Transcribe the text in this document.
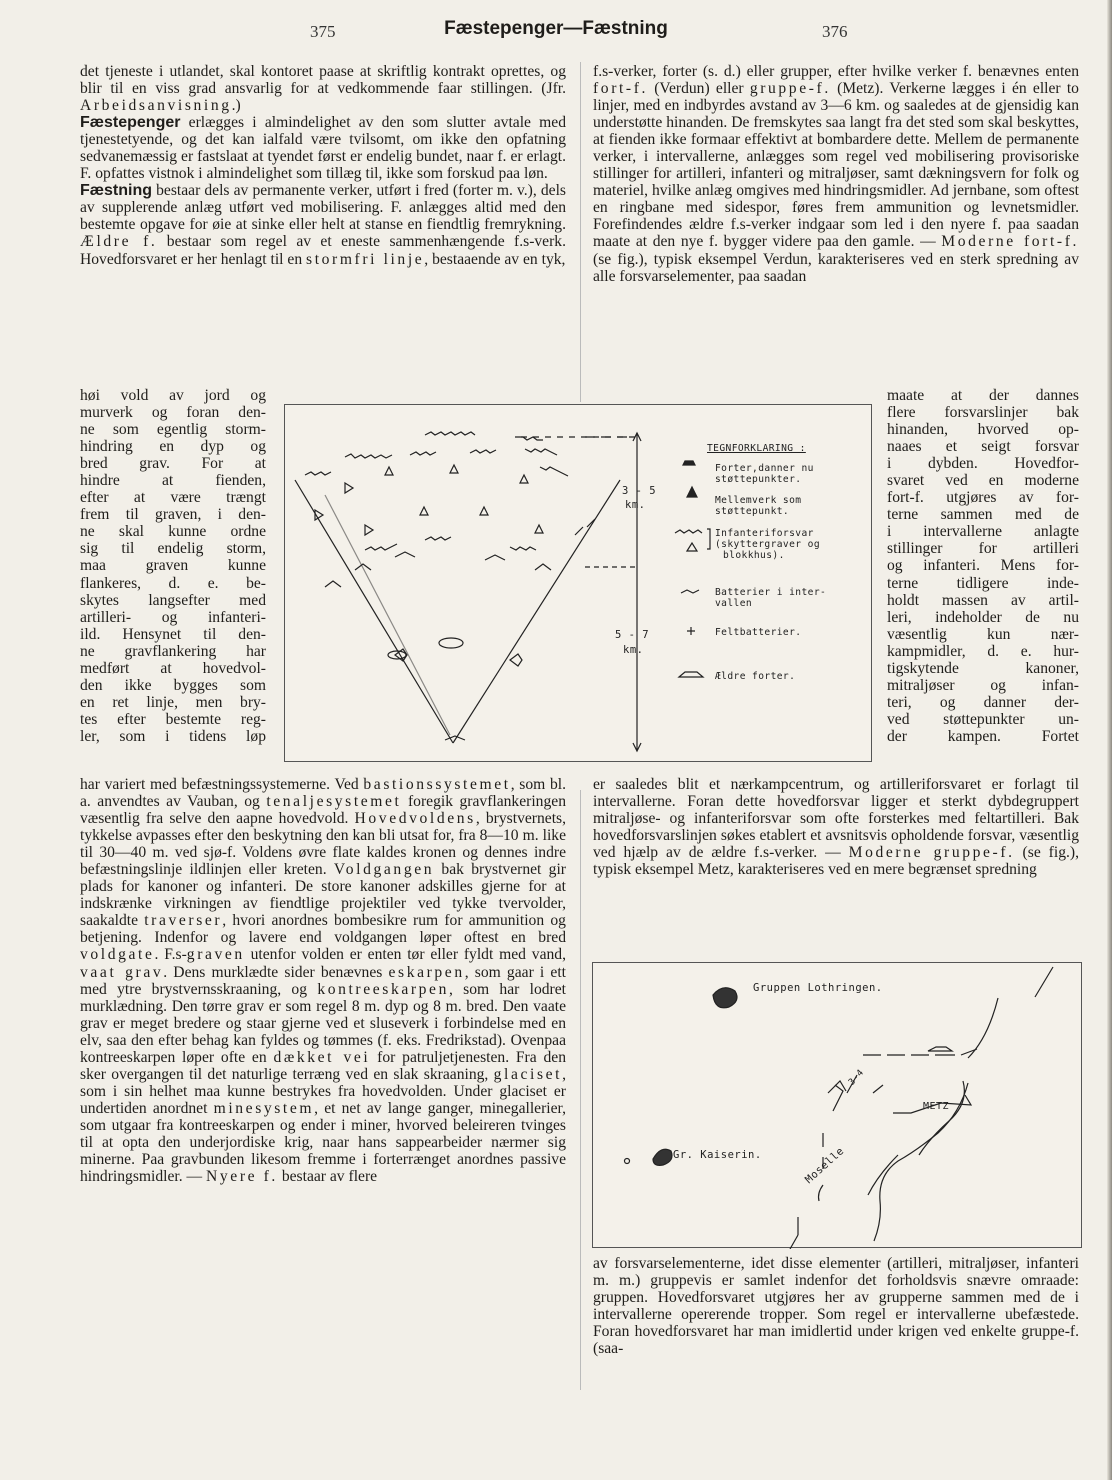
375	Fæstepenger—Fæstning	376

det tjeneste i utlandet, skal kontoret paase at skriftlig kontrakt oprettes, og blir til en viss grad ansvarlig for at vedkommende faar stillingen. (Jfr. Arbeidsanvisning.)

Fæstepenger erlægges i almindelighet av den som slutter avtale med tjenestetyende, og det kan ialfald være tvilsomt, om ikke den opfatning sedvanemæssig er fastslaat at tyendet først er endelig bundet, naar f. er erlagt. F. opfattes vistnok i almindelighet som tillæg til, ikke som forskud paa løn.

Fæstning bestaar dels av permanente verker, utført i fred (forter m. v.), dels av supplerende anlæg utført ved mobilisering. F. anlægges altid med den bestemte opgave for øie at sinke eller helt at stanse en fiendtlig fremrykning. Ældre f. bestaar som regel av et eneste sammenhængende f.s-verk. Hovedforsvaret er her henlagt til en stormfri linje, bestaaende av en tyk,

høi vold av jord og
murverk og foran den-
ne som egentlig storm-
hindring en dyp og
bred grav. For at
hindre at fienden,
efter at være trængt
frem til graven, i den-
ne skal kunne ordne
sig til endelig storm,
maa graven kunne
flankeres, d. e. be-
skytes langsefter med
artilleri- og infanteri-
ild. Hensynet til den-
ne gravflankering har
medført at hovedvol-
den ikke bygges som
en ret linje, men bry-
tes efter bestemte reg-
ler, som i tidens løp

har variert med befæstningssystemerne. Ved bastionssystemet, som bl. a. anvendtes av Vauban, og tenaljesystemet foregik gravflankeringen væsentlig fra selve den aapne hovedvold. Hovedvoldens, brystvernets, tykkelse avpasses efter den beskytning den kan bli utsat for, fra 8—10 m. like til 30—40 m. ved sjø-f. Voldens øvre flate kaldes kronen og dennes indre befæstningslinje ildlinjen eller kreten. Voldgangen bak brystvernet gir plads for kanoner og infanteri. De store kanoner adskilles gjerne for at indskrænke virkningen av fiendtlige projektiler ved tykke tvervolder, saakaldte traverser, hvori anordnes bombesikre rum for ammunition og betjening. Indenfor og lavere end voldgangen løper oftest en bred voldgate. F.s-graven utenfor volden er enten tør eller fyldt med vand, vaat grav. Dens murklædte sider benævnes eskarpen, som gaar i ett med ytre brystvernsskraaning, og kontreeskarpen, som har lodret murklædning. Den tørre grav er som regel 8 m. dyp og 8 m. bred. Den vaate grav er meget bredere og staar gjerne ved et sluseverk i forbindelse med en elv, saa den efter behag kan fyldes og tømmes (f. eks. Fredrikstad). Ovenpaa kontreeskarpen løper ofte en dækket vei for patruljetjenesten. Fra den sker overgangen til det naturlige terræng ved en slak skraaning, glaciset, som i sin helhet maa kunne bestrykes fra hovedvolden. Under glaciset er undertiden anordnet minesystem, et net av lange ganger, minegallerier, som utgaar fra kontreeskarpen og ender i miner, hvorved beleireren tvinges til at opta den underjordiske krig, naar hans sappearbeider nærmer sig minerne. Paa gravbunden likesom fremme i forterrænget anordnes passive hindringsmidler. — Nyere f. bestaar av flere

f.s-verker, forter (s. d.) eller grupper, efter hvilke verker f. benævnes enten fort-f. (Verdun) eller gruppe-f. (Metz). Verkerne lægges i én eller to linjer, med en indbyrdes avstand av 3—6 km. og saaledes at de gjensidig kan understøtte hinanden. De fremskytes saa langt fra det sted som skal beskyttes, at fienden ikke formaar effektivt at bombardere dette. Mellem de permanente verker, i intervallerne, anlægges som regel ved mobilisering provisoriske stillinger for artilleri, infanteri og mitraljøser, samt dækningsvern for folk og materiel, hvilke anlæg omgives med hindringsmidler. Ad jernbane, som oftest en ringbane med sidespor, føres frem ammunition og levnetsmidler. Forefindendes ældre f.s-verker indgaar som led i den nyere f. paa saadan maate at den nye f. bygger videre paa den gamle. — Moderne fort-f. (se fig.), typisk eksempel Verdun, karakteriseres ved en sterk spredning av alle forsvarselementer, paa saadan

maate at der dannes
flere forsvarslinjer bak
hinanden, hvorved op-
naaes et seigt forsvar
i dybden. Hovedfor-
svaret ved en moderne
fort-f. utgjøres av for-
terne sammen med de
i intervallerne anlagte
stillinger for artilleri
og infanteri. Mens for-
terne tidligere inde-
holdt massen av artil-
leri, indeholder de nu
væsentlig kun nær-
kampmidler, d. e. hur-
tigskytende kanoner,
mitraljøser og infan-
teri, og danner der-
ved støttepunkter un-
der kampen. Fortet

er saaledes blit et nærkampcentrum, og artilleriforsvaret er forlagt til intervallerne. Foran dette hovedforsvar ligger et sterkt dybdegruppert mitraljøse- og infanteriforsvar som ofte forsterkes med feltartilleri. Bak hovedforsvarslinjen søkes etablert et avsnitsvis opholdende forsvar, væsentlig ved hjælp av de ældre f.s-verker. — Moderne gruppe-f. (se fig.), typisk eksempel Metz, karakteriseres ved en mere begrænset spredning

av forsvarselementerne, idet disse elementer (artilleri, mitraljøser, infanteri m. m.) gruppevis er samlet indenfor det forholdsvis snævre omraade: gruppen. Hovedforsvaret utgjøres her av grupperne sammen med de i intervallerne opererende tropper. Som regel er intervallerne ubefæstede. Foran hovedforsvaret har man imidlertid under krigen ved enkelte gruppe-f. (saa-

TEGNFORKLARING :
Forter,danner nu
støttepunkter.
Mellemverk som
støttepunkt.
Infanteriforsvar
(skyttergraver og
blokkhus).
Batterier i inter-
vallen
Feltbatterier.
Ældre forter.
3 - 5
km.
5 - 7
km.
Gruppen Lothringen.
Gr. Kaiserin.
METZ
Moselle
3-4
